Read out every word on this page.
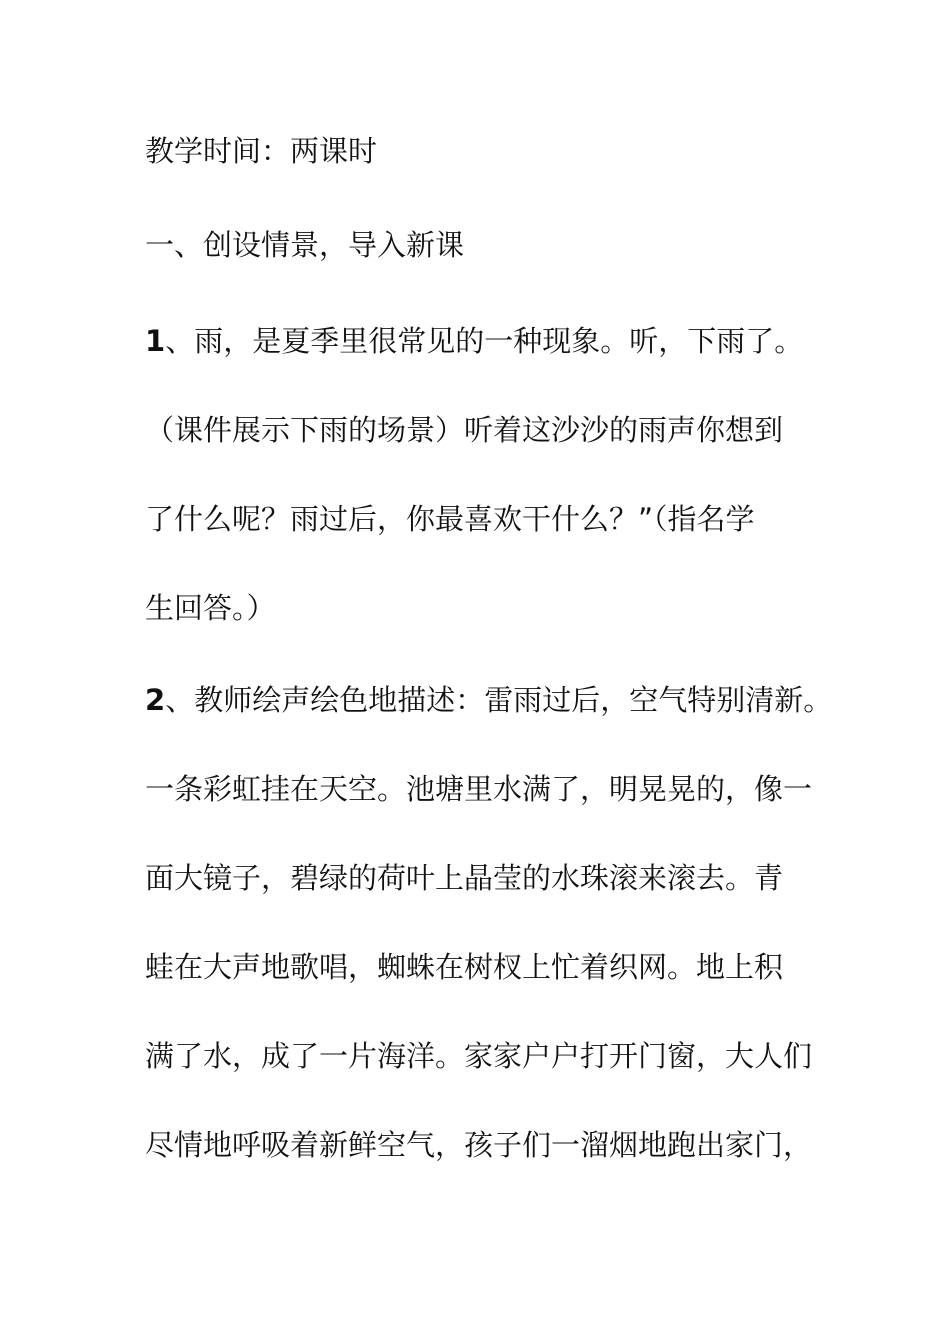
教学时间：两课时
一、创设情景，导入新课
1、雨，是夏季里很常见的一种现象。听，下雨了。
（课件展示下雨的场景）听着这沙沙的雨声你想到
了什么呢？雨过后，你最喜欢干什么？”（指名学
生回答。）
2、教师绘声绘色地描述：雷雨过后，空气特别清新。
一条彩虹挂在天空。池塘里水满了，明晃晃的，像一
面大镜子，碧绿的荷叶上晶莹的水珠滚来滚去。青
蛙在大声地歌唱，蜘蛛在树杈上忙着织网。地上积
满了水，成了一片海洋。家家户户打开门窗，大人们
尽情地呼吸着新鲜空气，孩子们一溜烟地跑出家门，
